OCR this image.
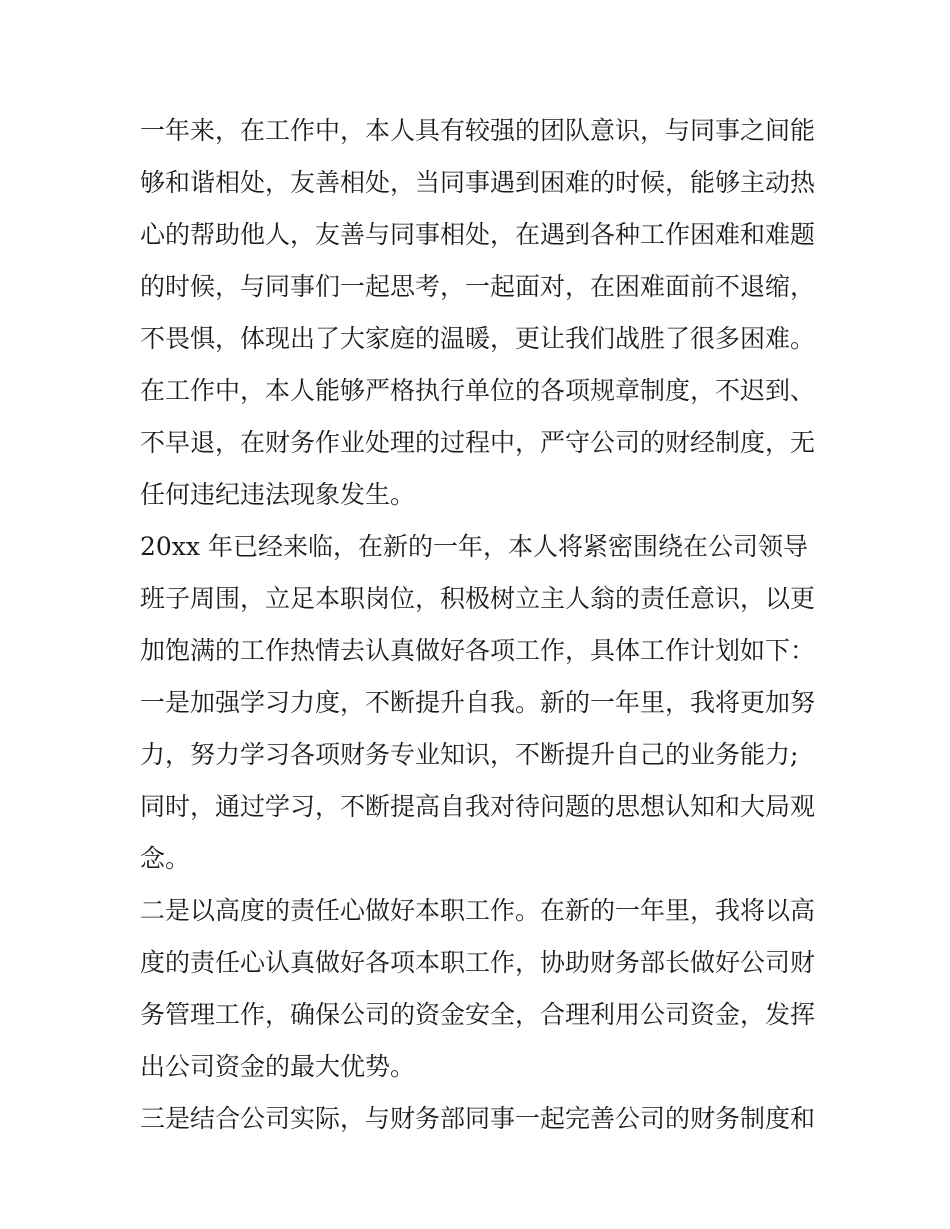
一年来，在工作中，本人具有较强的团队意识，与同事之间能
够和谐相处，友善相处，当同事遇到困难的时候，能够主动热
心的帮助他人，友善与同事相处，在遇到各种工作困难和难题
的时候，与同事们一起思考，一起面对，在困难面前不退缩，
不畏惧，体现出了大家庭的温暖，更让我们战胜了很多困难。
在工作中，本人能够严格执行单位的各项规章制度，不迟到、
不早退，在财务作业处理的过程中，严守公司的财经制度，无
任何违纪违法现象发生。
20xx 年已经来临，在新的一年，本人将紧密围绕在公司领导
班子周围，立足本职岗位，积极树立主人翁的责任意识，以更
加饱满的工作热情去认真做好各项工作，具体工作计划如下：
一是加强学习力度，不断提升自我。新的一年里，我将更加努
力，努力学习各项财务专业知识，不断提升自己的业务能力;
同时，通过学习，不断提高自我对待问题的思想认知和大局观
念。
二是以高度的责任心做好本职工作。在新的一年里，我将以高
度的责任心认真做好各项本职工作，协助财务部长做好公司财
务管理工作，确保公司的资金安全，合理利用公司资金，发挥
出公司资金的最大优势。
三是结合公司实际，与财务部同事一起完善公司的财务制度和
